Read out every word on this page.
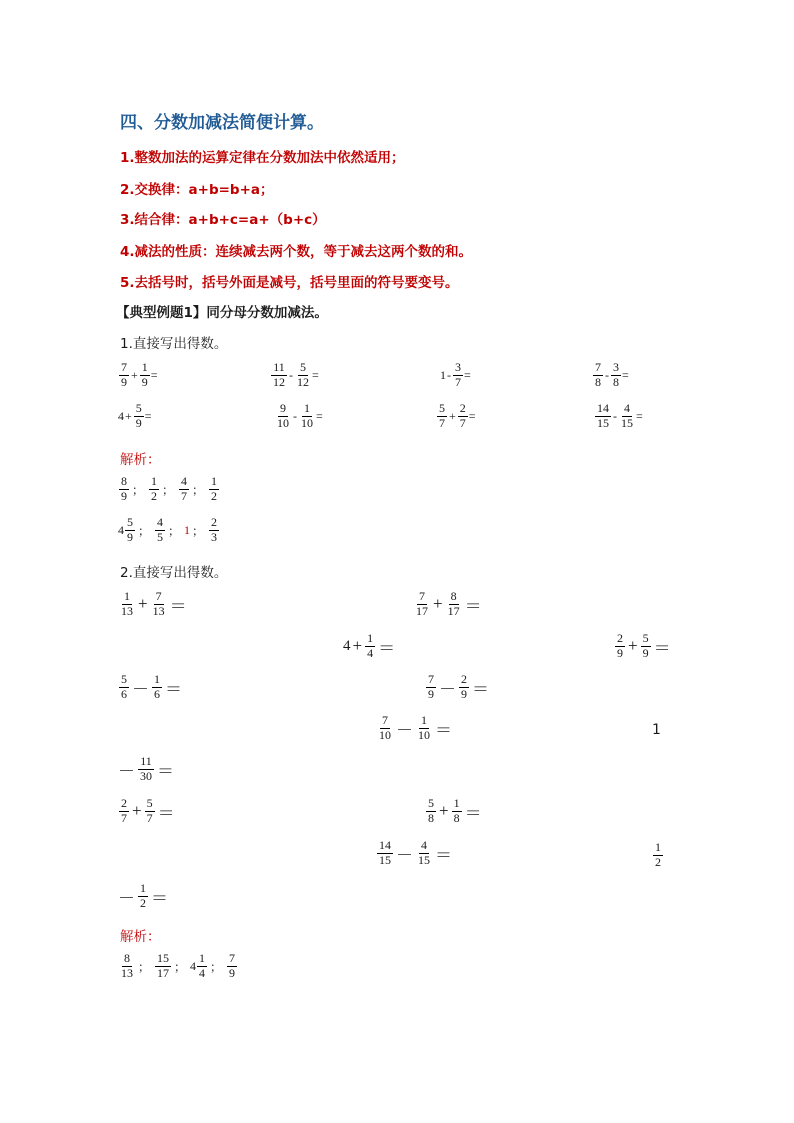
四、分数加减法简便计算。
1.整数加法的运算定律在分数加法中依然适用；
2.交换律：a+b=b+a；
3.结合律：a+b+c=a+（b+c）
4.减法的性质：连续减去两个数，等于减去这两个数的和。
5.去括号时，括号外面是减号，括号里面的符号要变号。
【典型例题1】同分母分数加减法。
1.直接写出得数。
$\frac{7}{9} + \frac{1}{9}$ =	$\frac{11}{12} - \frac{5}{12}$ =	$1 - \frac{3}{7}$ =	$\frac{7}{8} - \frac{3}{8}$ =
$4 + \frac{5}{9}$ =	$\frac{9}{10} - \frac{1}{10}$ =	$\frac{5}{7} + \frac{2}{7}$ =	$\frac{14}{15} - \frac{4}{15}$ =
解析：
$\frac{8}{9}$ ； $\frac{1}{2}$ ； $\frac{4}{7}$ ； $\frac{1}{2}$
$4 \frac{5}{9}$ ； $\frac{4}{5}$ ； 1 ； $\frac{2}{3}$
2.直接写出得数。
$\frac{1}{13} + \frac{7}{13}$ ＝	$\frac{7}{17} + \frac{8}{17}$ ＝
$4 + \frac{1}{4}$ ＝	$\frac{2}{9} + \frac{5}{9}$ ＝
$\frac{5}{6} - \frac{1}{6}$ ＝	$\frac{7}{9} - \frac{2}{9}$ ＝
$\frac{7}{10} - \frac{1}{10}$ ＝	1
－ $\frac{11}{30}$ ＝
$\frac{2}{7} + \frac{5}{7}$ ＝	$\frac{5}{8} + \frac{1}{8}$ ＝
$\frac{14}{15} - \frac{4}{15}$ ＝	$\frac{1}{2}$
－ $\frac{1}{2}$ ＝
解析：
$\frac{8}{13}$ ； $\frac{15}{17}$ ； $4 \frac{1}{4}$ ； $\frac{7}{9}$
